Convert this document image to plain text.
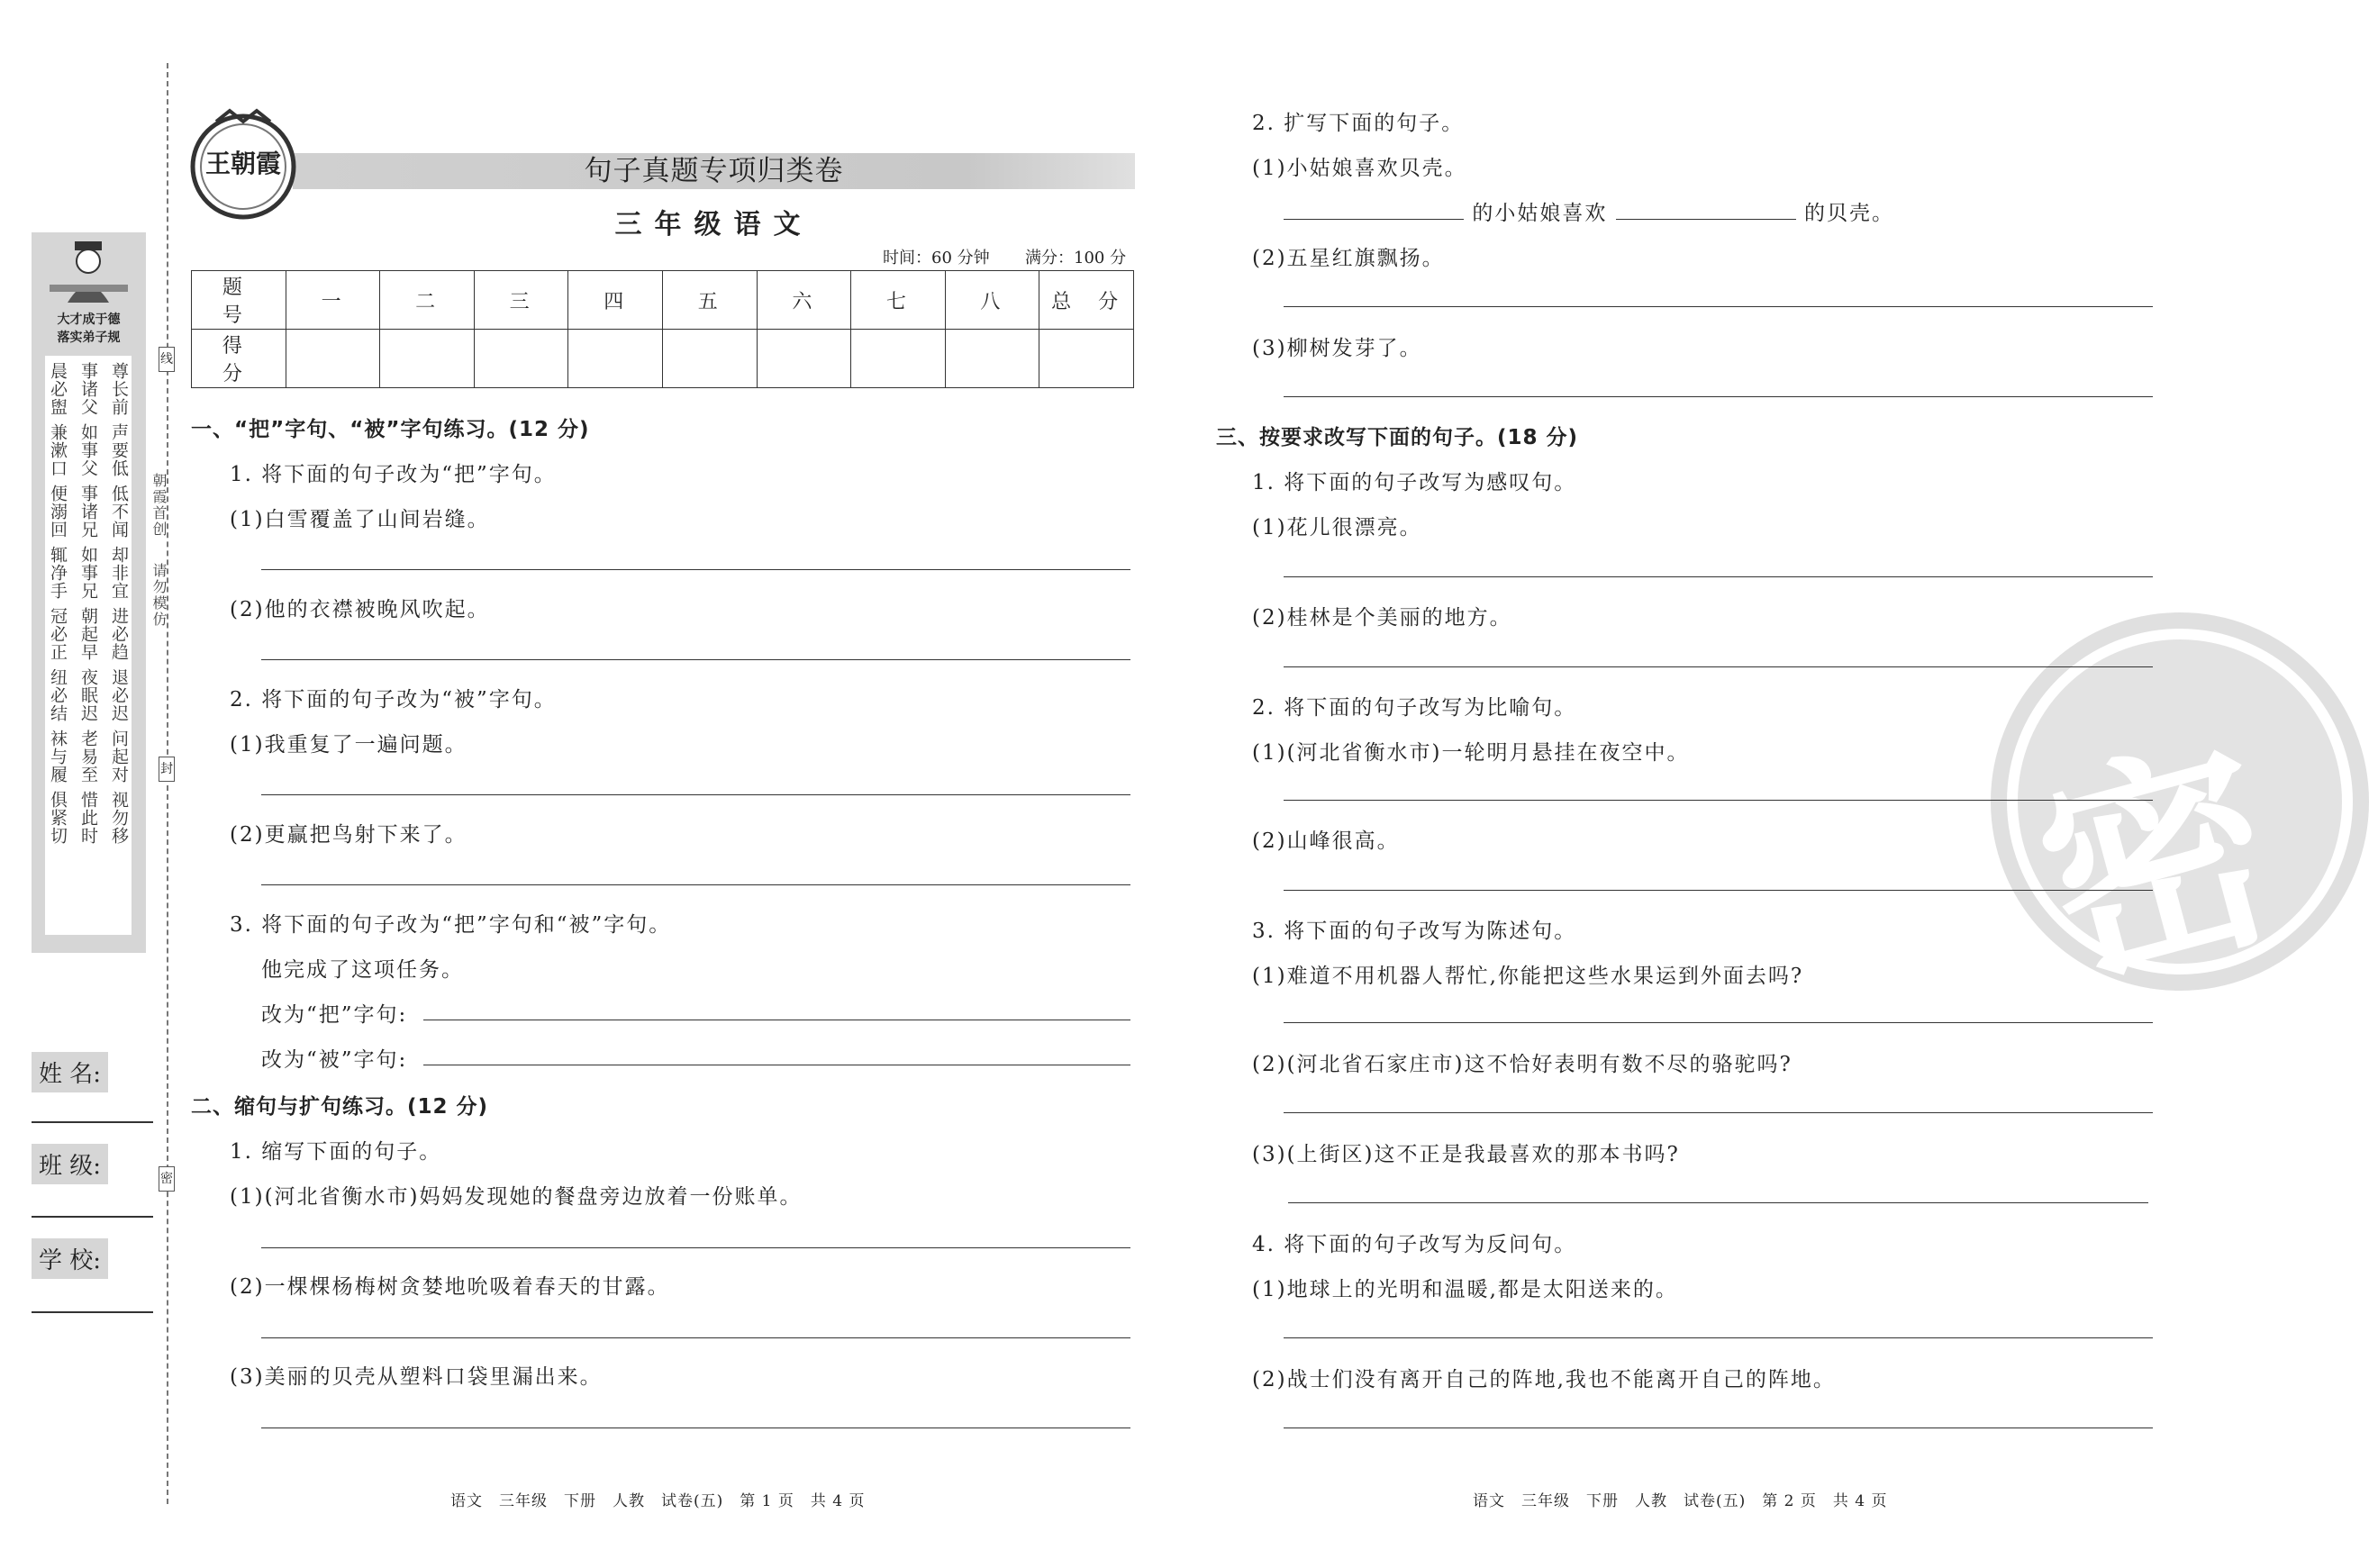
大才成于德
落实弟子规
尊长前
声要低
低不闻
却非宜
进必趋
退必迟
问起对
视勿移
事诸父
如事父
事诸兄
如事兄
朝起早
夜眠迟
老易至
惜此时
晨必盥
兼漱口
便溺回
辄净手
冠必正
纽必结
袜与履
俱紧切
线
封
密
朝霞首创
请勿模仿
姓 名:
班 级:
学 校:
王朝霞	句子真题专项归类卷
三年级语文
时间：60 分钟 满分：100 分
题　号	一	二	三	四	五	六	七	八	总　分
得　分									
一、“把”字句、“被”字句练习。(12 分)
1. 将下面的句子改为“把”字句。
(1)白雪覆盖了山间岩缝。
(2)他的衣襟被晚风吹起。
2. 将下面的句子改为“被”字句。
(1)我重复了一遍问题。
(2)更赢把鸟射下来了。
3. 将下面的句子改为“把”字句和“被”字句。
他完成了这项任务。
改为“把”字句:
改为“被”字句:
二、缩句与扩句练习。(12 分)
1. 缩写下面的句子。
(1)(河北省衡水市)妈妈发现她的餐盘旁边放着一份账单。
(2)一棵棵杨梅树贪婪地吮吸着春天的甘露。
(3)美丽的贝壳从塑料口袋里漏出来。
语文　三年级　下册　人教　试卷(五)　第 1 页　共 4 页
密
2. 扩写下面的句子。
(1)小姑娘喜欢贝壳。
的小姑娘喜欢	的贝壳。
(2)五星红旗飘扬。
(3)柳树发芽了。
三、按要求改写下面的句子。(18 分)
1. 将下面的句子改写为感叹句。
(1)花儿很漂亮。
(2)桂林是个美丽的地方。
2. 将下面的句子改写为比喻句。
(1)(河北省衡水市)一轮明月悬挂在夜空中。
(2)山峰很高。
3. 将下面的句子改写为陈述句。
(1)难道不用机器人帮忙,你能把这些水果运到外面去吗?
(2)(河北省石家庄市)这不恰好表明有数不尽的骆驼吗?
(3)(上街区)这不正是我最喜欢的那本书吗?
4. 将下面的句子改写为反问句。
(1)地球上的光明和温暖,都是太阳送来的。
(2)战士们没有离开自己的阵地,我也不能离开自己的阵地。
语文　三年级　下册　人教　试卷(五)　第 2 页　共 4 页
